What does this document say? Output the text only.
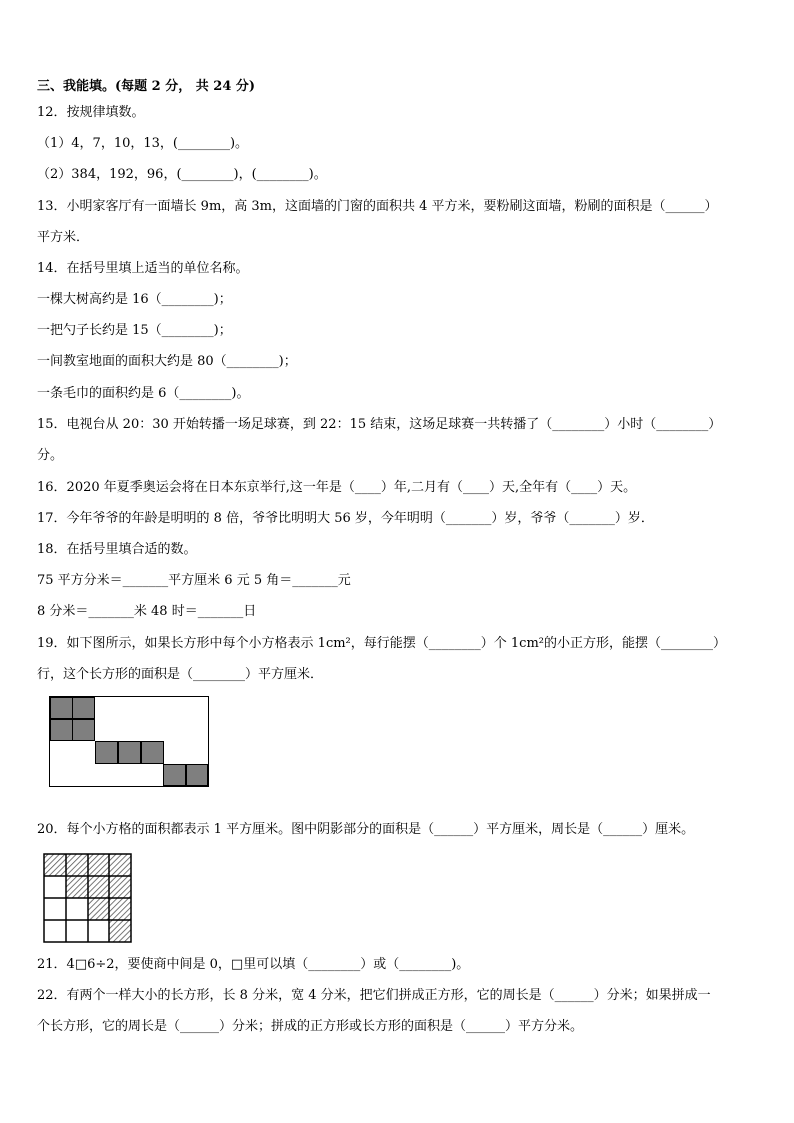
三、我能填。(每题 2 分， 共 24 分)
12．按规律填数。
（1）4，7，10，13，(________)。
（2）384，192，96，(________)，(________)。
13．小明家客厅有一面墙长 9m，高 3m，这面墙的门窗的面积共 4 平方米，要粉刷这面墙，粉刷的面积是（______）
平方米．
14．在括号里填上适当的单位名称。
一棵大树高约是 16（________)；
一把勺子长约是 15（________)；
一间教室地面的面积大约是 80（________)；
一条毛巾的面积约是 6（________)。
15．电视台从 20：30 开始转播一场足球赛，到 22：15 结束，这场足球赛一共转播了（________）小时（________）
分。
16．2020 年夏季奥运会将在日本东京举行,这一年是（____）年,二月有（____）天,全年有（____）天。
17．今年爷爷的年龄是明明的 8 倍，爷爷比明明大 56 岁，今年明明（_______）岁，爷爷（_______）岁．
18．在括号里填合适的数。
75 平方分米＝_______平方厘米 6 元 5 角＝_______元
8 分米＝_______米 48 时＝_______日
19．如下图所示，如果长方形中每个小方格表示 1cm²，每行能摆（________）个 1cm²的小正方形，能摆（________）
行，这个长方形的面积是（________）平方厘米．
20．每个小方格的面积都表示 1 平方厘米。图中阴影部分的面积是（______）平方厘米，周长是（______）厘米。
21．4□6÷2，要使商中间是 0，□里可以填（________）或（________)。
22．有两个一样大小的长方形，长 8 分米，宽 4 分米，把它们拼成正方形，它的周长是（______）分米；如果拼成一
个长方形，它的周长是（______）分米；拼成的正方形或长方形的面积是（______）平方分米。
